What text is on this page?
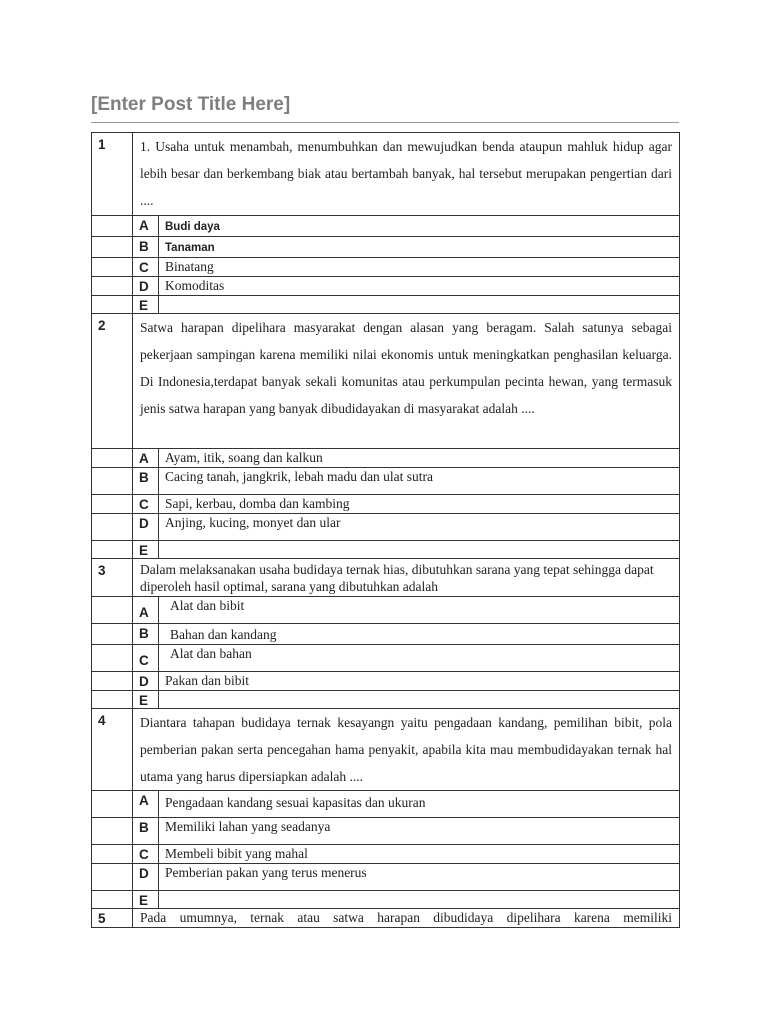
[Enter Post Title Here]
1	1. Usaha untuk menambah, menumbuhkan dan mewujudkan benda ataupun mahluk hidup agar lebih besar dan berkembang biak atau bertambah banyak, hal tersebut merupakan pengertian dari ....	
	A	Budi daya
	B	Tanaman
	C	Binatang
	D	Komoditas
	E	
2	Satwa harapan dipelihara masyarakat dengan alasan yang beragam. Salah satunya sebagai pekerjaan sampingan karena memiliki nilai ekonomis untuk meningkatkan penghasilan keluarga. Di Indonesia,terdapat banyak sekali komunitas atau perkumpulan pecinta hewan, yang termasuk jenis satwa harapan yang banyak dibudidayakan di masyarakat adalah ....	
	A	Ayam, itik, soang dan kalkun
	B	Cacing tanah, jangkrik, lebah madu dan ulat sutra
	C	Sapi, kerbau, domba dan kambing
	D	Anjing, kucing, monyet dan ular
	E	
3	Dalam melaksanakan usaha budidaya ternak hias, dibutuhkan sarana yang tepat sehingga dapat diperoleh hasil optimal, sarana yang dibutuhkan adalah	
	A	Alat dan bibit
	B	Bahan dan kandang
	C	Alat dan bahan
	D	Pakan dan bibit
	E	
4	Diantara tahapan budidaya ternak kesayangn yaitu pengadaan kandang, pemilihan bibit, pola pemberian pakan serta pencegahan hama penyakit, apabila kita mau membudidayakan ternak hal utama yang harus dipersiapkan adalah ....	
	A	Pengadaan kandang sesuai kapasitas dan ukuran
	B	Memiliki lahan yang seadanya
	C	Membeli bibit yang mahal
	D	Pemberian pakan yang terus menerus
	E	
5	Pada umumnya, ternak atau satwa harapan dibudidaya dipelihara karena memiliki	
